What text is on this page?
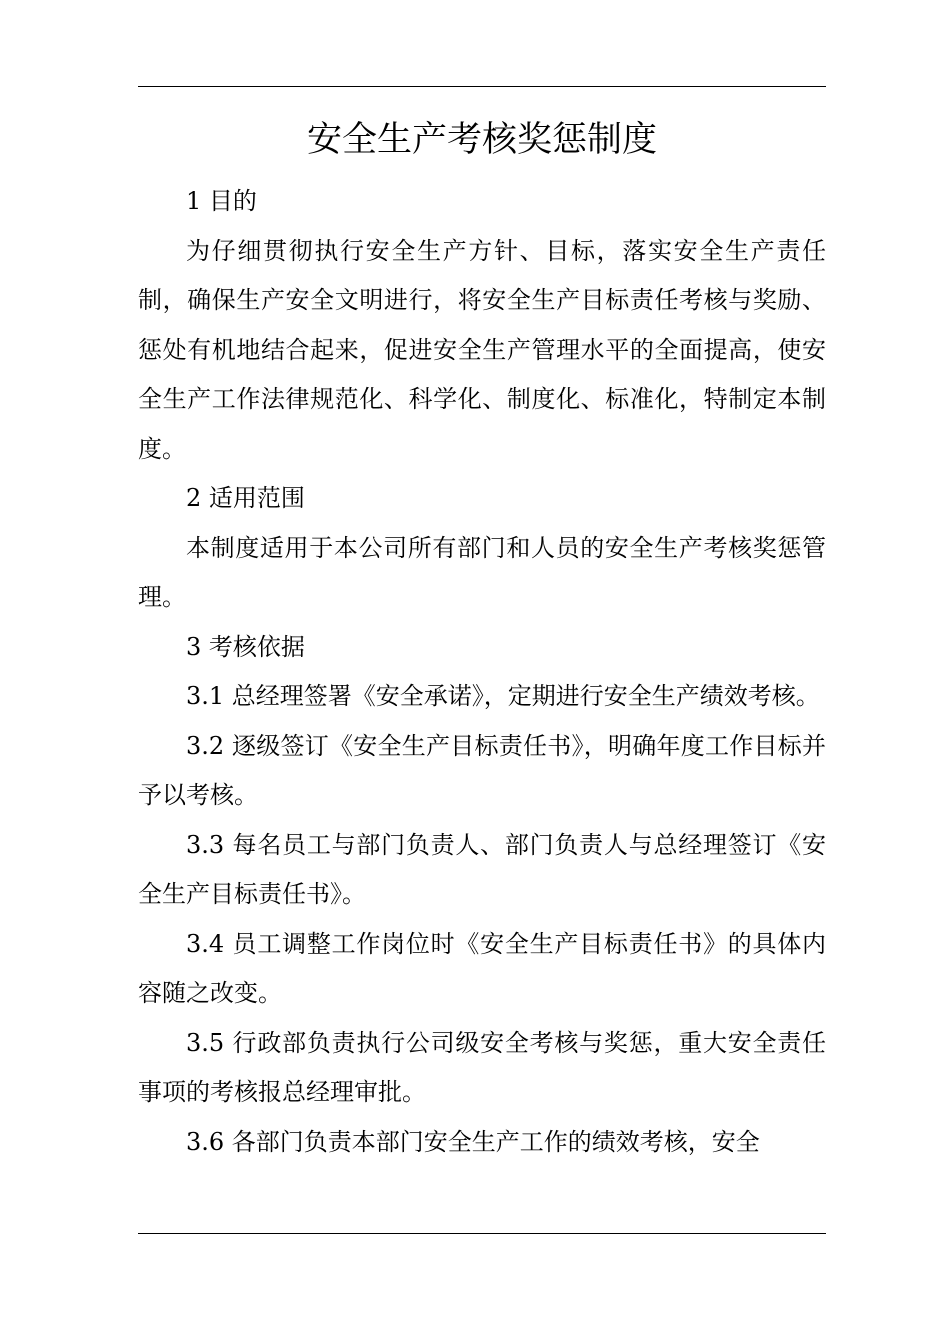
安全生产考核奖惩制度

1 目的

为仔细贯彻执行安全生产方针、目标，落实安全生产责任制，确保生产安全文明进行，将安全生产目标责任考核与奖励、惩处有机地结合起来，促进安全生产管理水平的全面提高，使安全生产工作法律规范化、科学化、制度化、标准化，特制定本制度。

2 适用范围

本制度适用于本公司所有部门和人员的安全生产考核奖惩管理。

3 考核依据

3.1 总经理签署《安全承诺》，定期进行安全生产绩效考核。

3.2 逐级签订《安全生产目标责任书》，明确年度工作目标并予以考核。

3.3 每名员工与部门负责人、部门负责人与总经理签订《安全生产目标责任书》。

3.4 员工调整工作岗位时《安全生产目标责任书》的具体内容随之改变。

3.5 行政部负责执行公司级安全考核与奖惩，重大安全责任事项的考核报总经理审批。

3.6 各部门负责本部门安全生产工作的绩效考核，安全
